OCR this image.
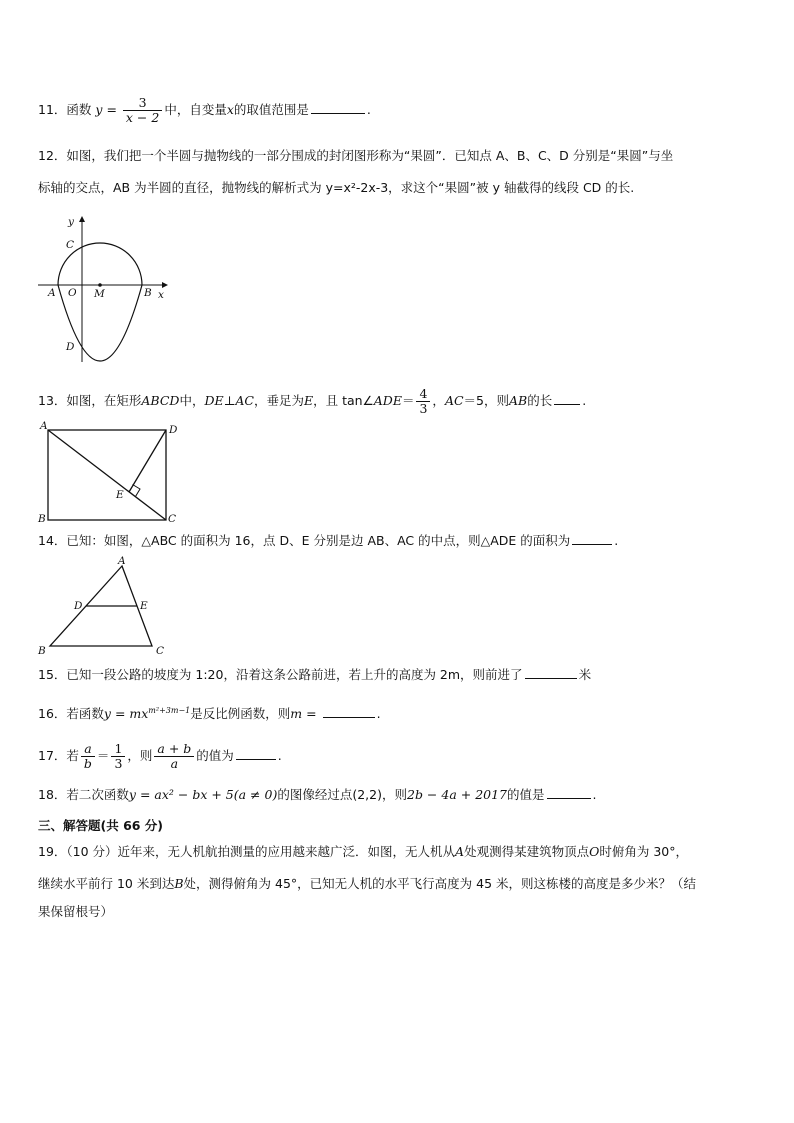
11．函数 $y = \frac{3}{x - 2}$ 中，自变量x的取值范围是	.
12．如图，我们把一个半圆与抛物线的一部分围成的封闭图形称为“果圆”．已知点 A、B、C、D 分别是“果圆”与坐
标轴的交点，AB 为半圆的直径，抛物线的解析式为 y=x²-2x-3，求这个“果圆”被 y 轴截得的线段 CD 的长.
y
C
A O M	B x
D
13．如图，在矩形ABCD中，DE⊥AC，垂足为E，且 tan∠ADE＝ $\frac{4}{3}$ ，AC＝5，则AB的长 .
A	D
E
B	C
14．已知：如图，△ABC 的面积为 16，点 D、E 分别是边 AB、AC 的中点，则△ADE 的面积为	.
A
D	E
B	C
15．已知一段公路的坡度为 1:20，沿着这条公路前进，若上升的高度为 2m，则前进了	米
16．若函数$y = mx^{m^2+3m-1}$是反比例函数，则m =	.
17．若 $\frac{a}{b} = \frac{1}{3}$ ，则 $\frac{a + b}{a}$ 的值为	.
18．若二次函数y = ax² − bx + 5(a ≠ 0)的图像经过点(2,2)，则2b − 4a + 2017的值是	.
三、解答题(共 66 分)
19．（10 分）近年来，无人机航拍测量的应用越来越广泛．如图，无人机从A处观测得某建筑物顶点O时俯角为 30°，
继续水平前行 10 米到达B处，测得俯角为 45°，已知无人机的水平飞行高度为 45 米，则这栋楼的高度是多少米？（结
果保留根号）
